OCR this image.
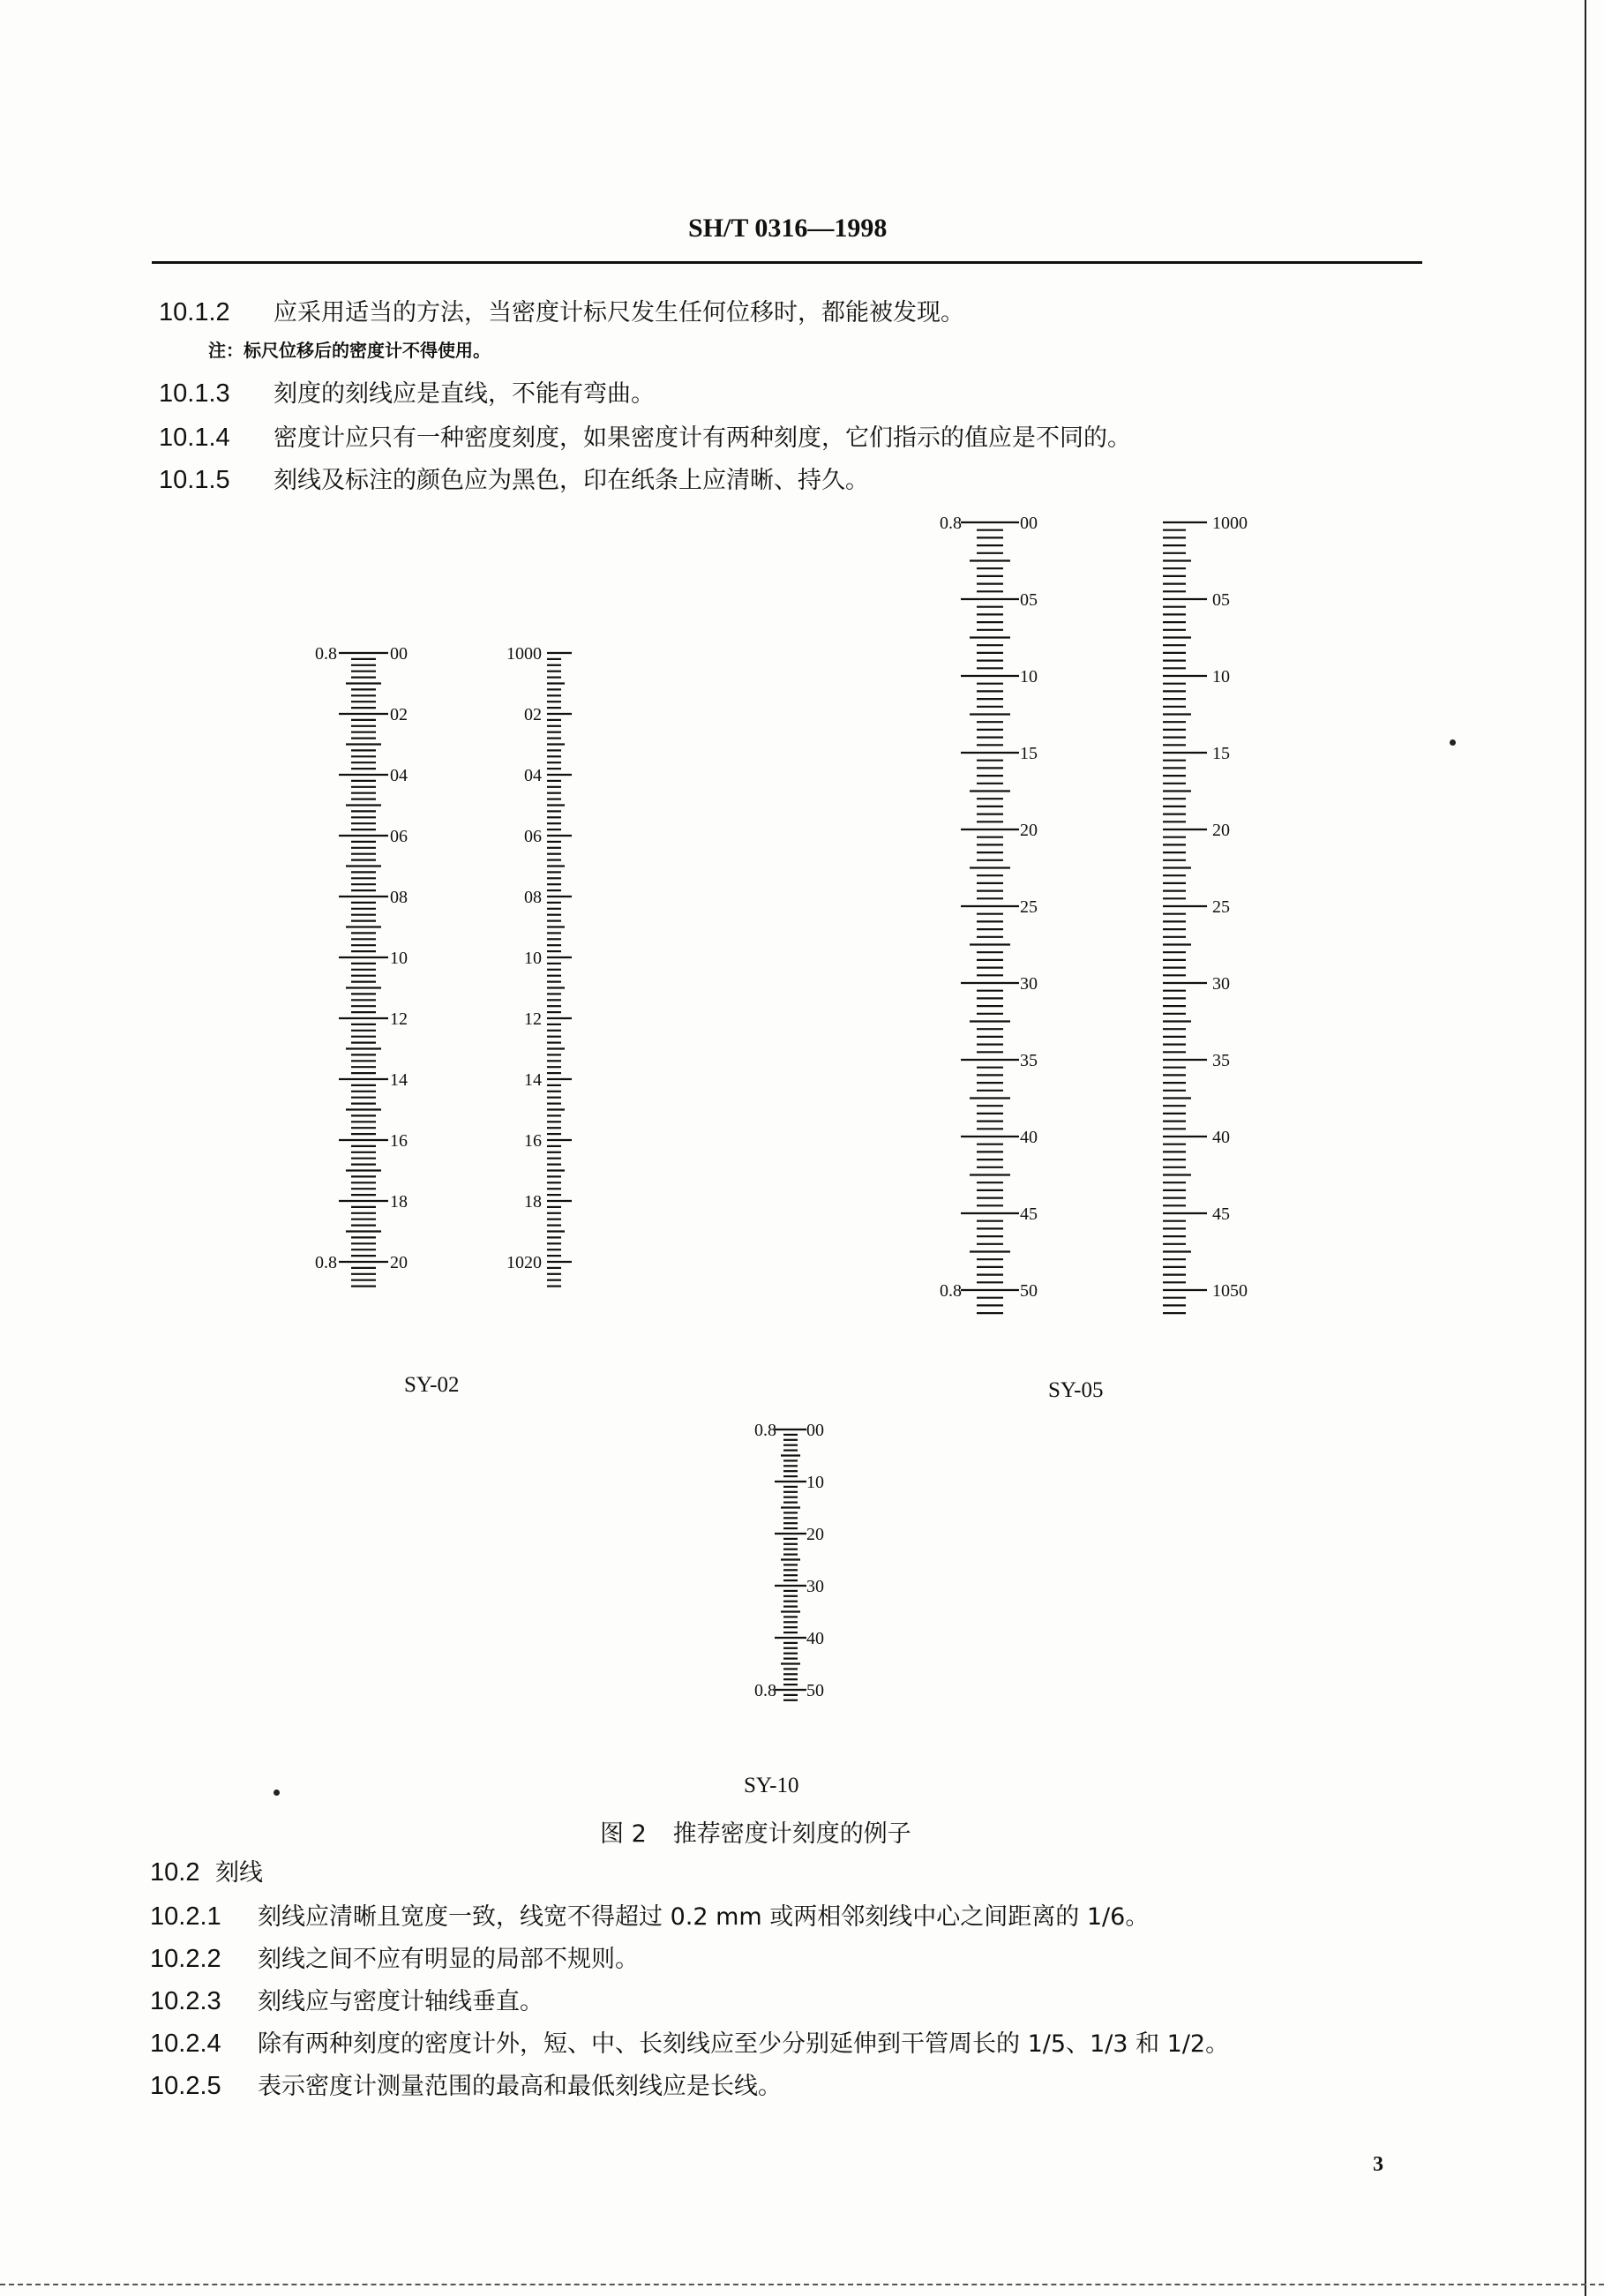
SH/T 0316—1998
10.1.2 应采用适当的方法，当密度计标尺发生任何位移时，都能被发现。
注：标尺位移后的密度计不得使用。
10.1.3 刻度的刻线应是直线，不能有弯曲。
10.1.4 密度计应只有一种密度刻度，如果密度计有两种刻度，它们指示的值应是不同的。
10.1.5 刻线及标注的颜色应为黑色，印在纸条上应清晰、持久。
0.8	00
02
04
06
08
10
12
14
16
18
0.8	20
1000
02
04
06
08
10
12
14
16
18
1020
0.8	00
05
10
15
20
25
30
35
40
45
0.8	50
1000
05
10
15
20
25
30
35
40
45
1050
0.8 00
10
20
30
40
0.8 50
SY-02	SY-05
SY-10
图 2 推荐密度计刻度的例子
10.2 刻线
10.2.1 刻线应清晰且宽度一致，线宽不得超过 0.2 mm 或两相邻刻线中心之间距离的 1/6。
10.2.2 刻线之间不应有明显的局部不规则。
10.2.3 刻线应与密度计轴线垂直。
10.2.4 除有两种刻度的密度计外，短、中、长刻线应至少分别延伸到干管周长的 1/5、1/3 和 1/2。
10.2.5 表示密度计测量范围的最高和最低刻线应是长线。
3
